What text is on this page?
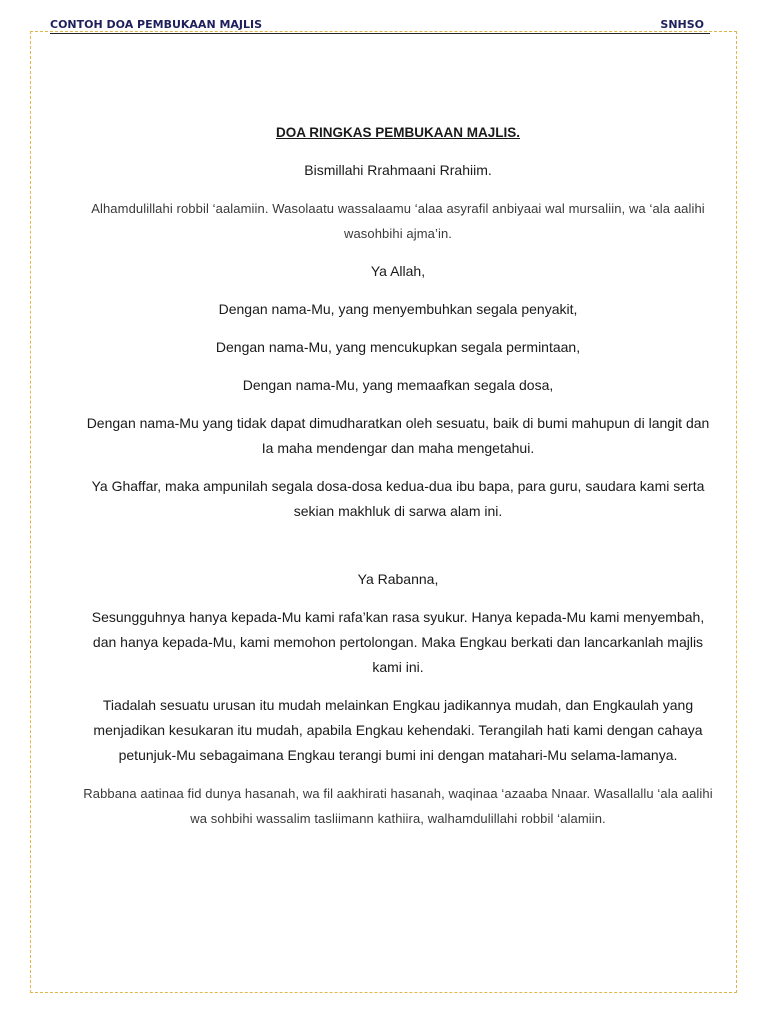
CONTOH DOA PEMBUKAAN MAJLIS	SNHSO

DOA RINGKAS PEMBUKAAN MAJLIS.

Bismillahi Rrahmaani Rrahiim.

Alhamdulillahi robbil ‘aalamiin. Wasolaatu wassalaamu ‘alaa asyrafil anbiyaai wal mursaliin, wa ‘ala aalihi wasohbihi ajma’in.

Ya Allah,

Dengan nama-Mu, yang menyembuhkan segala penyakit,

Dengan nama-Mu, yang mencukupkan segala permintaan,

Dengan nama-Mu, yang memaafkan segala dosa,

Dengan nama-Mu yang tidak dapat dimudharatkan oleh sesuatu, baik di bumi mahupun di langit dan Ia maha mendengar dan maha mengetahui.

Ya Ghaffar, maka ampunilah segala dosa-dosa kedua-dua ibu bapa, para guru, saudara kami serta sekian makhluk di sarwa alam ini.

Ya Rabanna,

Sesungguhnya hanya kepada-Mu kami rafa’kan rasa syukur. Hanya kepada-Mu kami menyembah, dan hanya kepada-Mu, kami memohon pertolongan. Maka Engkau berkati dan lancarkanlah majlis kami ini.

Tiadalah sesuatu urusan itu mudah melainkan Engkau jadikannya mudah, dan Engkaulah yang menjadikan kesukaran itu mudah, apabila Engkau kehendaki. Terangilah hati kami dengan cahaya petunjuk-Mu sebagaimana Engkau terangi bumi ini dengan matahari-Mu selama-lamanya.

Rabbana aatinaa fid dunya hasanah, wa fil aakhirati hasanah, waqinaa ‘azaaba Nnaar. Wasallallu ‘ala aalihi wa sohbihi wassalim tasliimann kathiira, walhamdulillahi robbil ‘alamiin.
